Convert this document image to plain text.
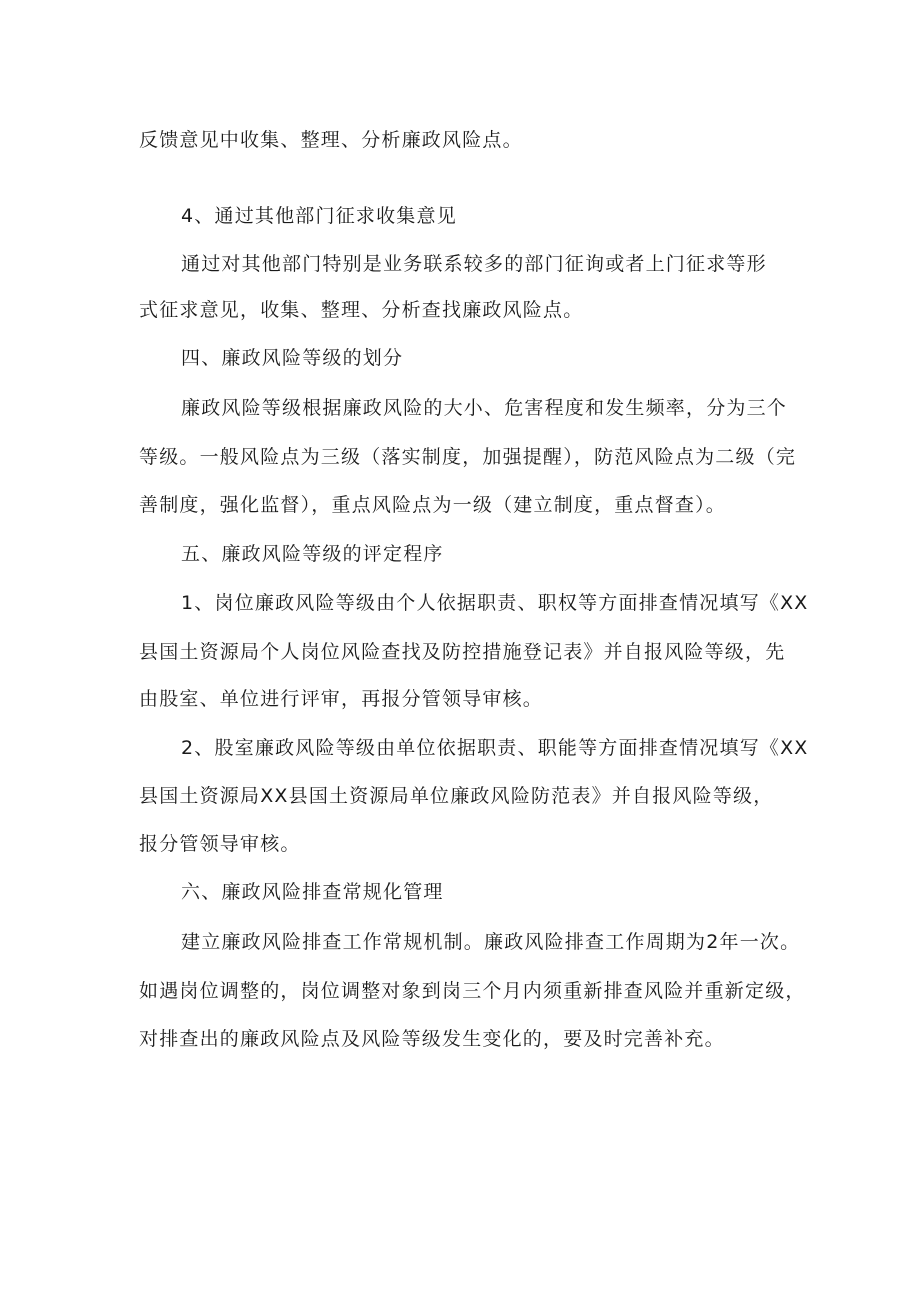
反馈意见中收集、整理、分析廉政风险点。
4、通过其他部门征求收集意见
通过对其他部门特别是业务联系较多的部门征询或者上门征求等形
式征求意见，收集、整理、分析查找廉政风险点。
四、廉政风险等级的划分
廉政风险等级根据廉政风险的大小、危害程度和发生频率，分为三个
等级。一般风险点为三级（落实制度，加强提醒），防范风险点为二级（完
善制度，强化监督），重点风险点为一级（建立制度，重点督查）。
五、廉政风险等级的评定程序
1、岗位廉政风险等级由个人依据职责、职权等方面排查情况填写《XX
县国土资源局个人岗位风险查找及防控措施登记表》并自报风险等级，先
由股室、单位进行评审，再报分管领导审核。
2、股室廉政风险等级由单位依据职责、职能等方面排查情况填写《XX
县国土资源局XX县国土资源局单位廉政风险防范表》并自报风险等级，
报分管领导审核。
六、廉政风险排查常规化管理
建立廉政风险排查工作常规机制。廉政风险排查工作周期为2年一次。
如遇岗位调整的，岗位调整对象到岗三个月内须重新排查风险并重新定级，
对排查出的廉政风险点及风险等级发生变化的，要及时完善补充。
